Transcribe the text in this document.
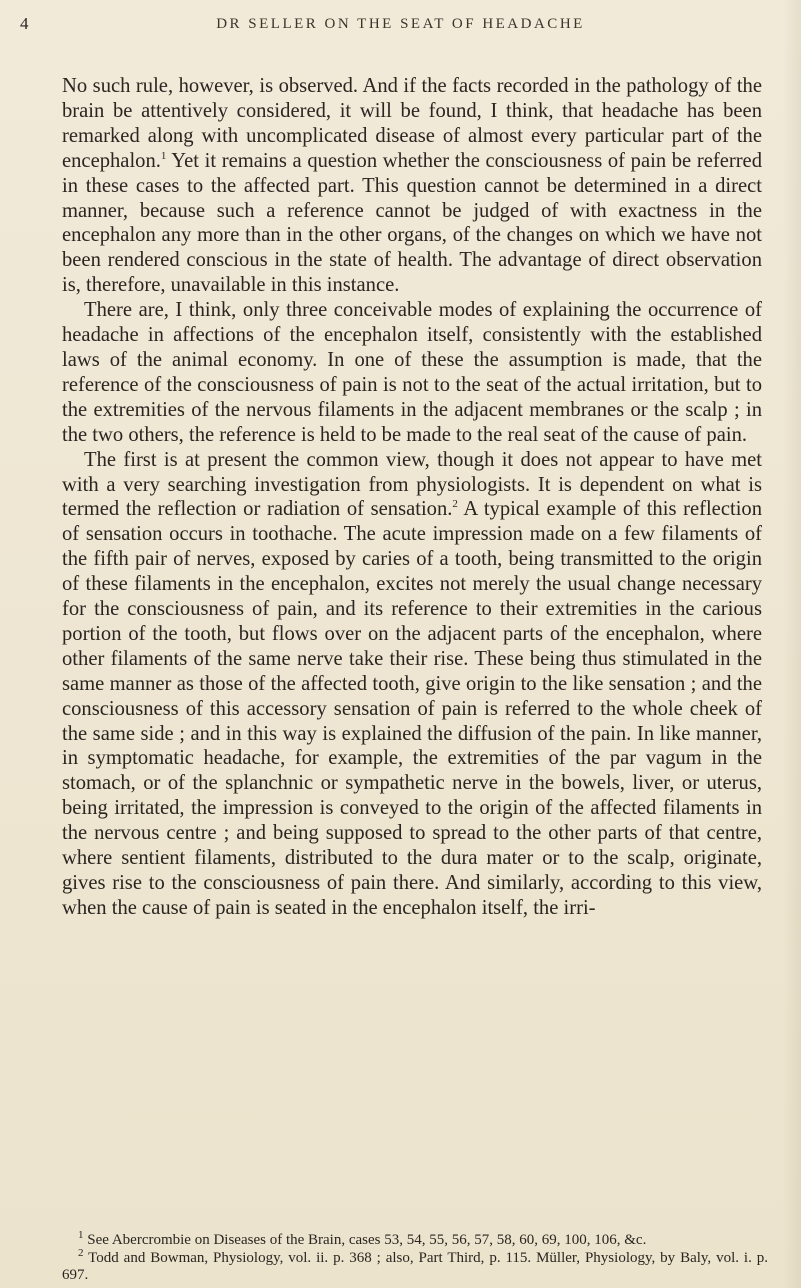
4	DR SELLER ON THE SEAT OF HEADACHE

No such rule, however, is observed. And if the facts recorded in the pathology of the brain be attentively considered, it will be found, I think, that headache has been remarked along with uncomplicated disease of almost every particular part of the encephalon.$^1$ Yet it remains a question whether the consciousness of pain be referred in these cases to the affected part. This question cannot be determined in a direct manner, because such a reference cannot be judged of with exactness in the encephalon any more than in the other organs, of the changes on which we have not been rendered conscious in the state of health. The advantage of direct observation is, therefore, unavailable in this instance.

There are, I think, only three conceivable modes of explaining the occurrence of headache in affections of the encephalon itself, consistently with the established laws of the animal economy. In one of these the assumption is made, that the reference of the consciousness of pain is not to the seat of the actual irritation, but to the extremities of the nervous filaments in the adjacent membranes or the scalp ; in the two others, the reference is held to be made to the real seat of the cause of pain.

The first is at present the common view, though it does not appear to have met with a very searching investigation from physiologists. It is dependent on what is termed the reflection or radiation of sensation.$^2$ A typical example of this reflection of sensation occurs in toothache. The acute impression made on a few filaments of the fifth pair of nerves, exposed by caries of a tooth, being transmitted to the origin of these filaments in the encephalon, excites not merely the usual change necessary for the consciousness of pain, and its reference to their extremities in the carious portion of the tooth, but flows over on the adjacent parts of the encephalon, where other filaments of the same nerve take their rise. These being thus stimulated in the same manner as those of the affected tooth, give origin to the like sensation ; and the consciousness of this accessory sensation of pain is referred to the whole cheek of the same side ; and in this way is explained the diffusion of the pain. In like manner, in symptomatic headache, for example, the extremities of the par vagum in the stomach, or of the splanchnic or sympathetic nerve in the bowels, liver, or uterus, being irritated, the impression is conveyed to the origin of the affected filaments in the nervous centre ; and being supposed to spread to the other parts of that centre, where sentient filaments, distributed to the dura mater or to the scalp, originate, gives rise to the consciousness of pain there. And similarly, according to this view, when the cause of pain is seated in the encephalon itself, the irri-

$^1$ See Abercrombie on Diseases of the Brain, cases 53, 54, 55, 56, 57, 58, 60, 69, 100, 106, &c.

$^2$ Todd and Bowman, Physiology, vol. ii. p. 368 ; also, Part Third, p. 115. Müller, Physiology, by Baly, vol. i. p. 697.
